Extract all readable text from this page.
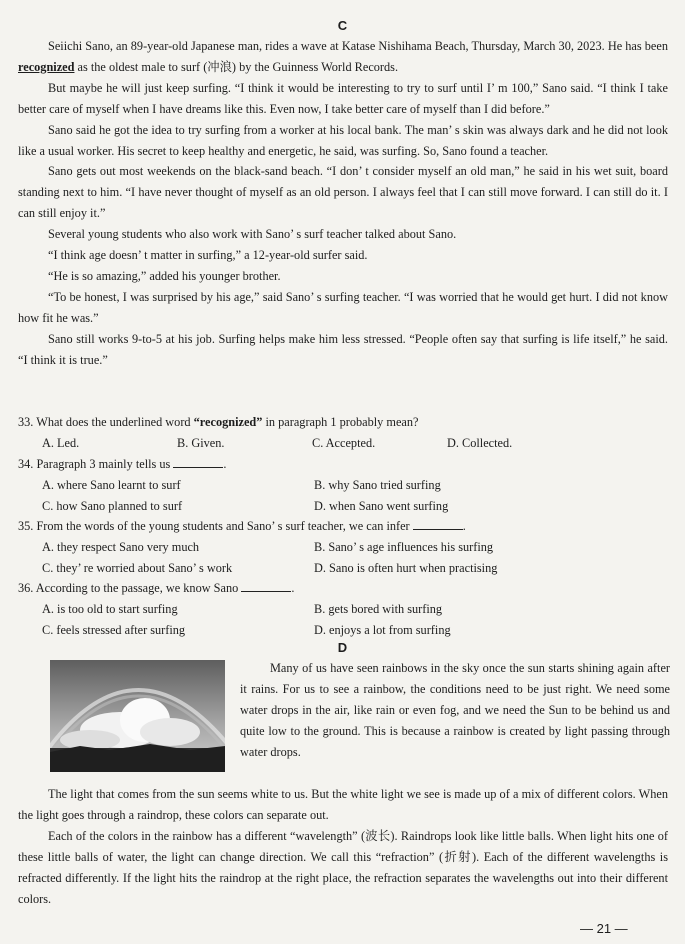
C

Seiichi Sano, an 89-year-old Japanese man, rides a wave at Katase Nishihama Beach, Thursday, March 30, 2023. He has been recognized as the oldest male to surf (冲浪) by the Guinness World Records.

But maybe he will just keep surfing. “I think it would be interesting to try to surf until I’ m 100,” Sano said. “I think I take better care of myself when I have dreams like this. Even now, I take better care of myself than I did before.”

Sano said he got the idea to try surfing from a worker at his local bank. The man’ s skin was always dark and he did not look like a usual worker. His secret to keep healthy and energetic, he said, was surfing. So, Sano found a teacher.

Sano gets out most weekends on the black-sand beach. “I don’ t consider myself an old man,” he said in his wet suit, board standing next to him. “I have never thought of myself as an old person. I always feel that I can still move forward. I can still do it. I can still enjoy it.”

Several young students who also work with Sano’ s surf teacher talked about Sano.

“I think age doesn’ t matter in surfing,” a 12-year-old surfer said.

“He is so amazing,” added his younger brother.

“To be honest, I was surprised by his age,” said Sano’ s surfing teacher. “I was worried that he would get hurt. I did not know how fit he was.”

Sano still works 9-to-5 at his job. Surfing helps make him less stressed. “People often say that surfing is life itself,” he said. “I think it is true.”

33. What does the underlined word “recognized” in paragraph 1 probably mean?

A. Led.	B. Given.	C. Accepted.	D. Collected.

34. Paragraph 3 mainly tells us	.

A. where Sano learnt to surf	B. why Sano tried surfing
C. how Sano planned to surf	D. when Sano went surfing

35. From the words of the young students and Sano’ s surf teacher, we can infer	.

A. they respect Sano very much	B. Sano’ s age influences his surfing
C. they’ re worried about Sano’ s work	D. Sano is often hurt when practising

36. According to the passage, we know Sano	.

A. is too old to start surfing	B. gets bored with surfing
C. feels stressed after surfing	D. enjoys a lot from surfing
D

Many of us have seen rainbows in the sky once the sun starts shining again after it rains. For us to see a rainbow, the conditions need to be just right. We need some water drops in the air, like rain or even fog, and we need the Sun to be behind us and quite low to the ground. This is because a rainbow is created by light passing through water drops.

The light that comes from the sun seems white to us. But the white light we see is made up of a mix of different colors. When the light goes through a raindrop, these colors can separate out.

Each of the colors in the rainbow has a different “wavelength” (波长). Raindrops look like little balls. When light hits one of these little balls of water, the light can change direction. We call this “refraction” (折射). Each of the different wavelengths is refracted differently. If the light hits the raindrop at the right place, the refraction separates the wavelengths out into their different colors.

— 21 —
